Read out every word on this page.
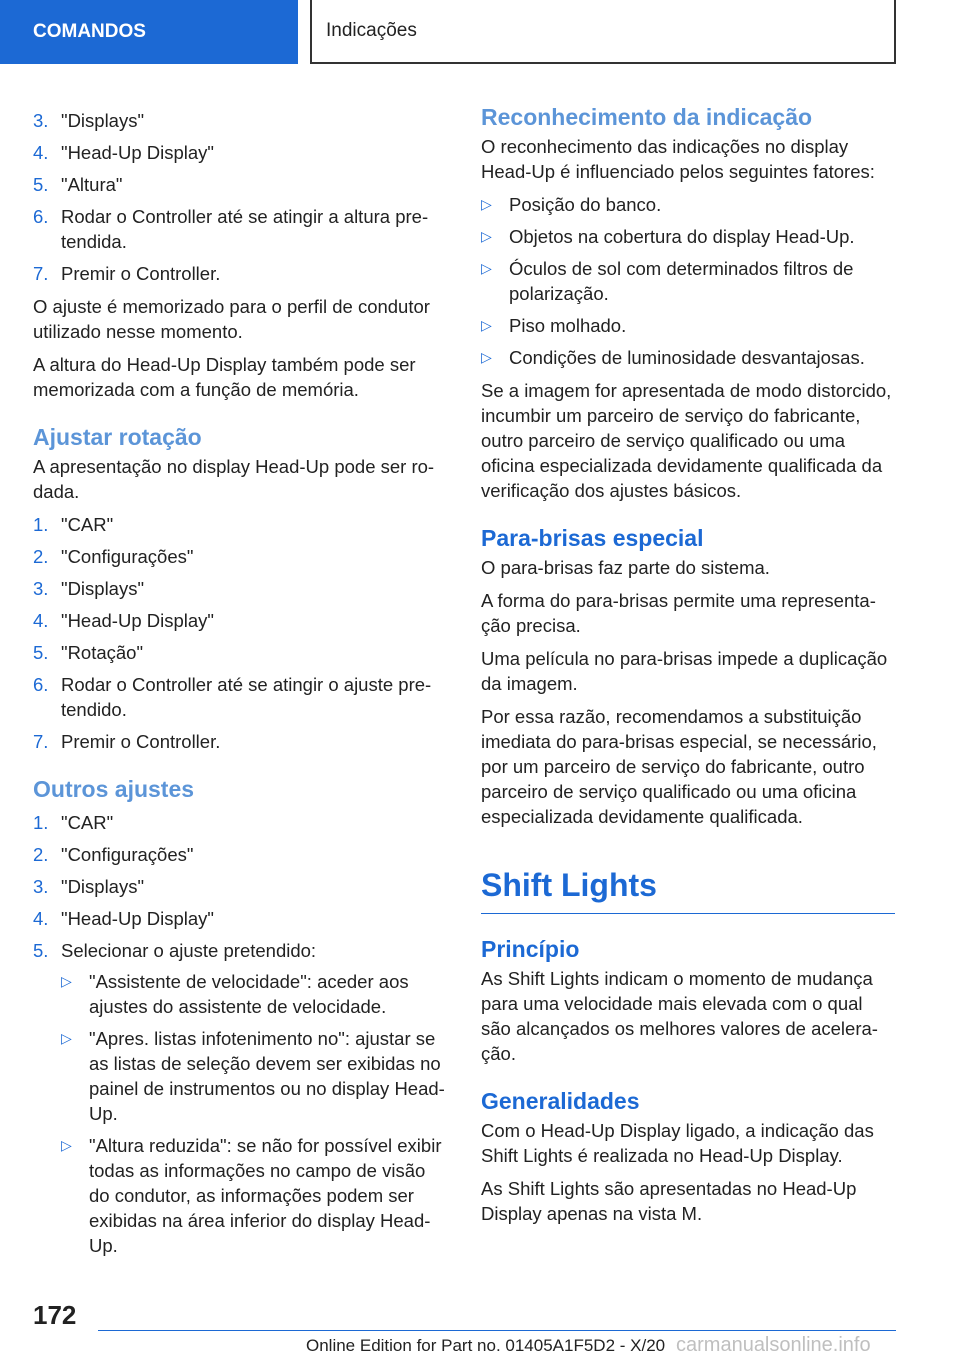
COMANDOS	Indicações
3. "Displays"
4. "Head-Up Display"
5. "Altura"
6. Rodar o Controller até se atingir a altura pretendida.
7. Premir o Controller.

O ajuste é memorizado para o perfil de condutor utilizado nesse momento.

A altura do Head-Up Display também pode ser memorizada com a função de memória.

Ajustar rotação

A apresentação no display Head-Up pode ser rodada.

1. "CAR"
2. "Configurações"
3. "Displays"
4. "Head-Up Display"
5. "Rotação"
6. Rodar o Controller até se atingir o ajuste pretendido.
7. Premir o Controller.
Outros ajustes
1. "CAR"
2. "Configurações"
3. "Displays"
4. "Head-Up Display"
5. Selecionar o ajuste pretendido:
▷ "Assistente de velocidade": aceder aos ajustes do assistente de velocidade.
▷ "Apres. listas infotenimento no": ajustar se as listas de seleção devem ser exibidas no painel de instrumentos ou no display Head-Up.
▷ "Altura reduzida": se não for possível exibir todas as informações no campo de visão do condutor, as informações podem ser exibidas na área inferior do display Head-Up.
Reconhecimento da indicação

O reconhecimento das indicações no display Head-Up é influenciado pelos seguintes fatores:

▷ Posição do banco.
▷ Objetos na cobertura do display Head-Up.
▷ Óculos de sol com determinados filtros de polarização.
▷ Piso molhado.
▷ Condições de luminosidade desvantajosas.

Se a imagem for apresentada de modo distorcido, incumbir um parceiro de serviço do fabricante, outro parceiro de serviço qualificado ou uma oficina especializada devidamente qualificada da verificação dos ajustes básicos.

Para-brisas especial

O para-brisas faz parte do sistema.

A forma do para-brisas permite uma representação precisa.

Uma película no para-brisas impede a duplicação da imagem.

Por essa razão, recomendamos a substituição imediata do para-brisas especial, se necessário, por um parceiro de serviço do fabricante, outro parceiro de serviço qualificado ou uma oficina especializada devidamente qualificada.

Shift Lights
Princípio

As Shift Lights indicam o momento de mudança para uma velocidade mais elevada com o qual são alcançados os melhores valores de aceleração.

Generalidades

Com o Head-Up Display ligado, a indicação das Shift Lights é realizada no Head-Up Display.

As Shift Lights são apresentadas no Head-Up Display apenas na vista M.

172
Online Edition for Part no. 01405A1F5D2 - X/20 carmanualsonline.info
